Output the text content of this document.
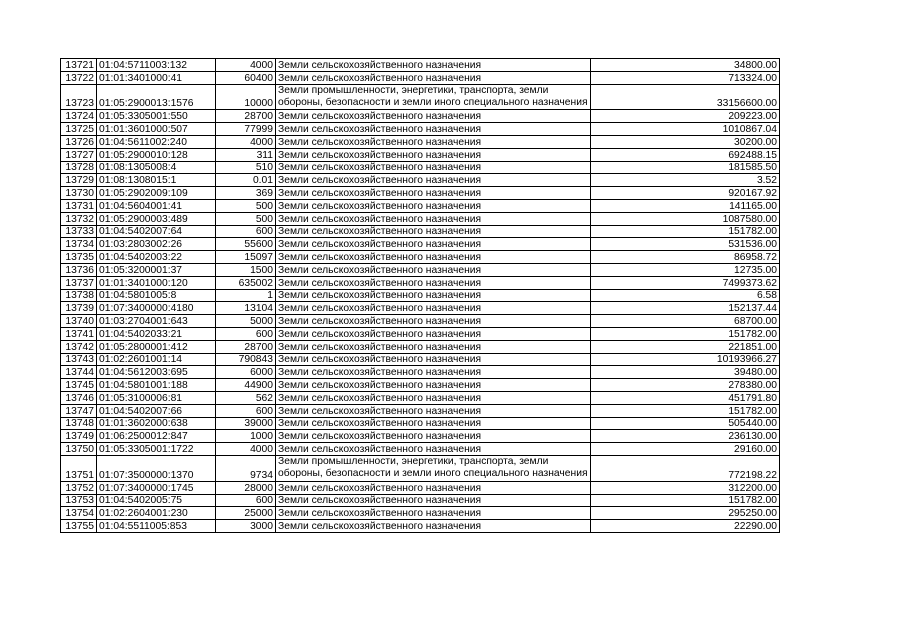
13721	01:04:5711003:132	4000	Земли сельскохозяйственного назначения	34800.00
13722	01:01:3401000:41	60400	Земли сельскохозяйственного назначения	713324.00
13723	01:05:2900013:1576	10000	Земли промышленности, энергетики, транспорта, земли обороны, безопасности и земли иного специального назначения	33156600.00
13724	01:05:3305001:550	28700	Земли сельскохозяйственного назначения	209223.00
13725	01:01:3601000:507	77999	Земли сельскохозяйственного назначения	1010867.04
13726	01:04:5611002:240	4000	Земли сельскохозяйственного назначения	30200.00
13727	01:05:2900010:128	311	Земли сельскохозяйственного назначения	692488.15
13728	01:08:1305008:4	510	Земли сельскохозяйственного назначения	181585.50
13729	01:08:1308015:1	0.01	Земли сельскохозяйственного назначения	3.52
13730	01:05:2902009:109	369	Земли сельскохозяйственного назначения	920167.92
13731	01:04:5604001:41	500	Земли сельскохозяйственного назначения	141165.00
13732	01:05:2900003:489	500	Земли сельскохозяйственного назначения	1087580.00
13733	01:04:5402007:64	600	Земли сельскохозяйственного назначения	151782.00
13734	01:03:2803002:26	55600	Земли сельскохозяйственного назначения	531536.00
13735	01:04:5402003:22	15097	Земли сельскохозяйственного назначения	86958.72
13736	01:05:3200001:37	1500	Земли сельскохозяйственного назначения	12735.00
13737	01:01:3401000:120	635002	Земли сельскохозяйственного назначения	7499373.62
13738	01:04:5801005:8	1	Земли сельскохозяйственного назначения	6.58
13739	01:07:3400000:4180	13104	Земли сельскохозяйственного назначения	152137.44
13740	01:03:2704001:643	5000	Земли сельскохозяйственного назначения	68700.00
13741	01:04:5402033:21	600	Земли сельскохозяйственного назначения	151782.00
13742	01:05:2800001:412	28700	Земли сельскохозяйственного назначения	221851.00
13743	01:02:2601001:14	790843	Земли сельскохозяйственного назначения	10193966.27
13744	01:04:5612003:695	6000	Земли сельскохозяйственного назначения	39480.00
13745	01:04:5801001:188	44900	Земли сельскохозяйственного назначения	278380.00
13746	01:05:3100006:81	562	Земли сельскохозяйственного назначения	451791.80
13747	01:04:5402007:66	600	Земли сельскохозяйственного назначения	151782.00
13748	01:01:3602000:638	39000	Земли сельскохозяйственного назначения	505440.00
13749	01:06:2500012:847	1000	Земли сельскохозяйственного назначения	236130.00
13750	01:05:3305001:1722	4000	Земли сельскохозяйственного назначения	29160.00
13751	01:07:3500000:1370	9734	Земли промышленности, энергетики, транспорта, земли обороны, безопасности и земли иного специального назначения	772198.22
13752	01:07:3400000:1745	28000	Земли сельскохозяйственного назначения	312200.00
13753	01:04:5402005:75	600	Земли сельскохозяйственного назначения	151782.00
13754	01:02:2604001:230	25000	Земли сельскохозяйственного назначения	295250.00
13755	01:04:5511005:853	3000	Земли сельскохозяйственного назначения	22290.00
